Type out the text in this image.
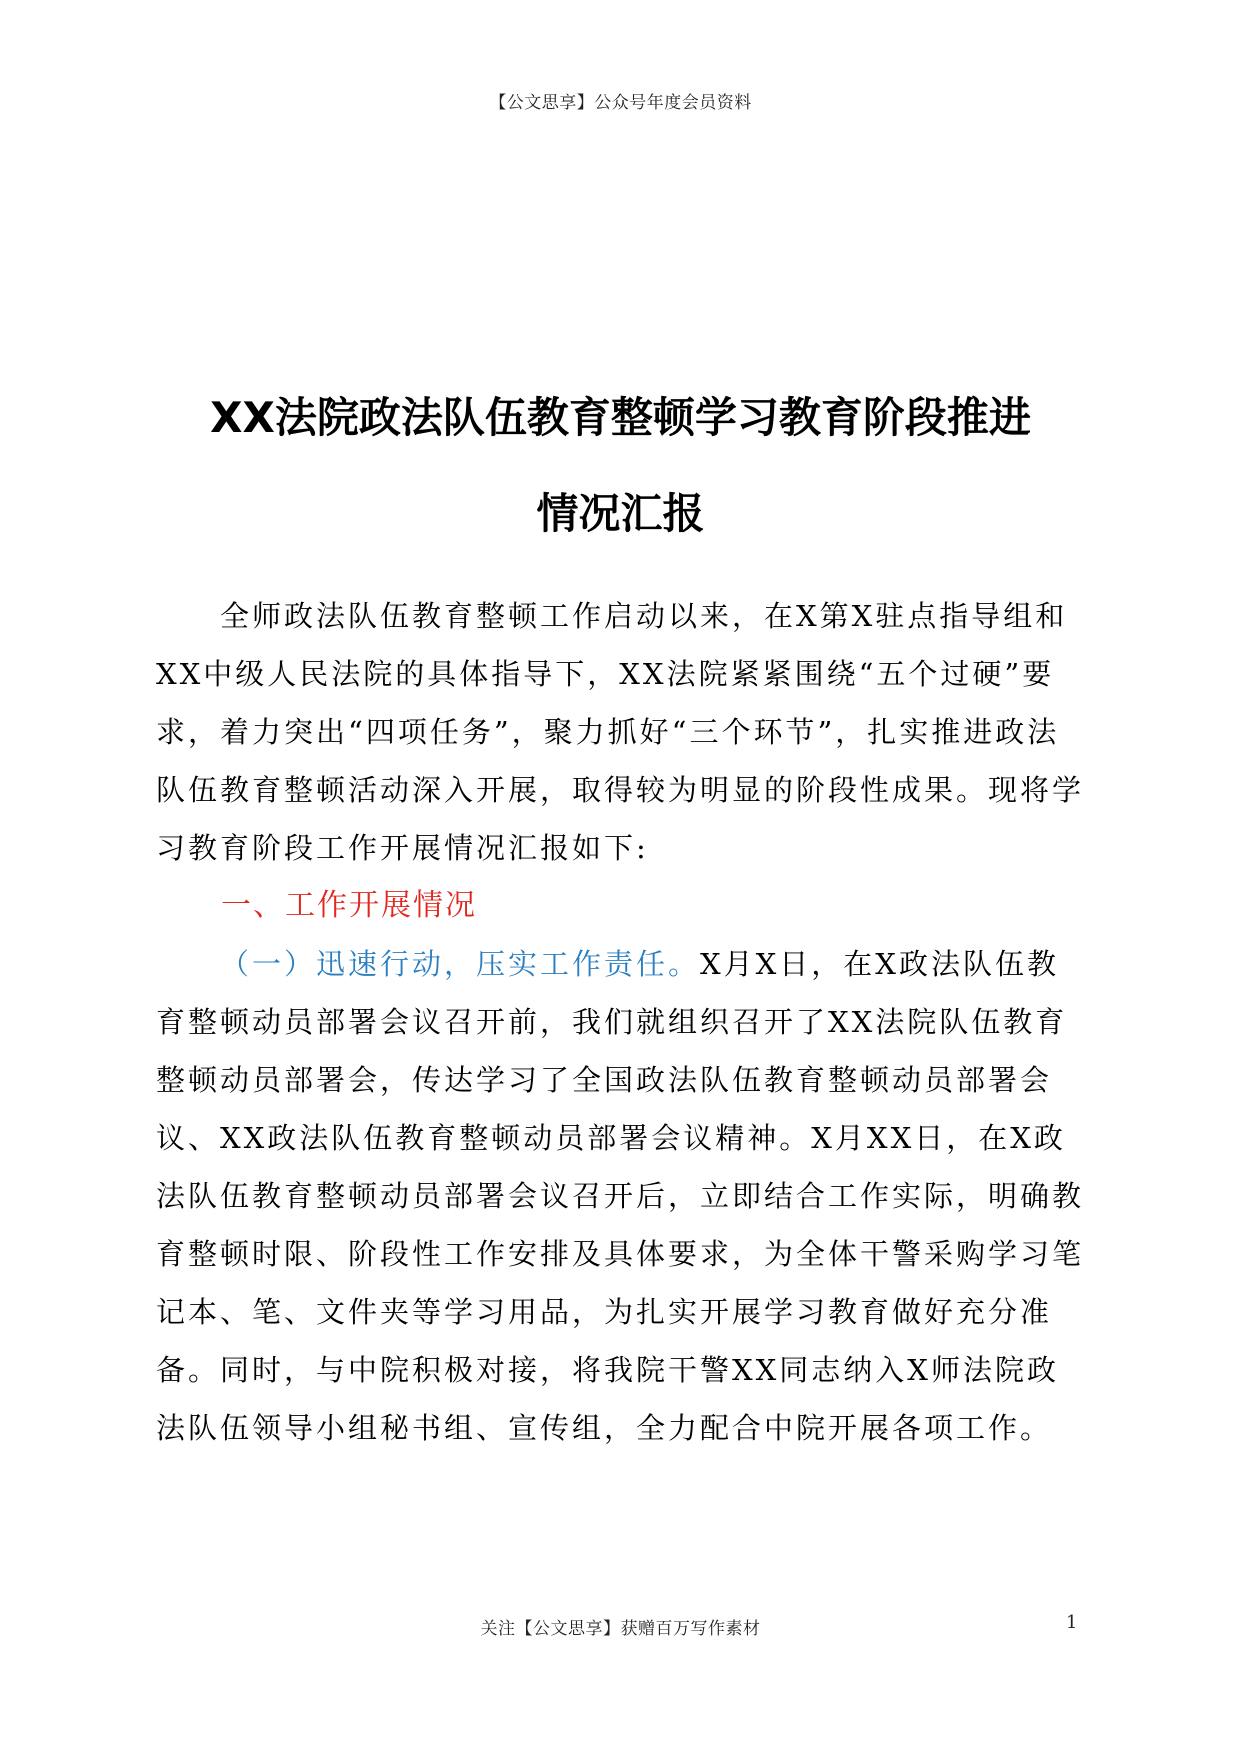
【公文思享】公众号年度会员资料
XX法院政法队伍教育整顿学习教育阶段推进
情况汇报
全师政法队伍教育整顿工作启动以来，在X第X驻点指导组和XX中级人民法院的具体指导下，XX法院紧紧围绕“五个过硬”要求，着力突出“四项任务”，聚力抓好“三个环节”，扎实推进政法队伍教育整顿活动深入开展，取得较为明显的阶段性成果。现将学习教育阶段工作开展情况汇报如下:
一、工作开展情况
（一）迅速行动，压实工作责任。X月X日，在X政法队伍教育整顿动员部署会议召开前，我们就组织召开了XX法院队伍教育整顿动员部署会，传达学习了全国政法队伍教育整顿动员部署会议、XX政法队伍教育整顿动员部署会议精神。X月XX日，在X政法队伍教育整顿动员部署会议召开后，立即结合工作实际，明确教育整顿时限、阶段性工作安排及具体要求，为全体干警采购学习笔记本、笔、文件夹等学习用品，为扎实开展学习教育做好充分准备。同时，与中院积极对接，将我院干警XX同志纳入X师法院政法队伍领导小组秘书组、宣传组，全力配合中院开展各项工作。
关注【公文思享】获赠百万写作素材	1
